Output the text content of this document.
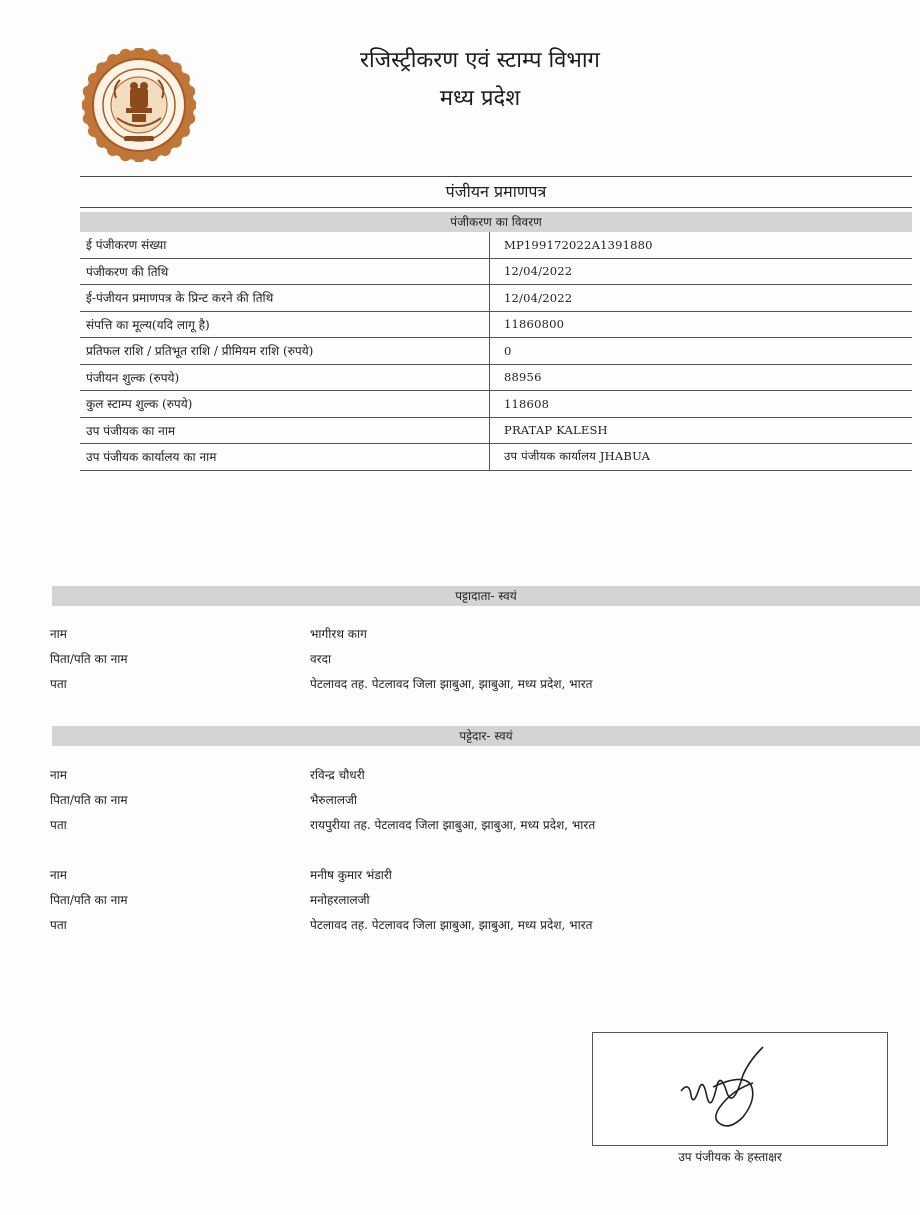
रजिस्ट्रीकरण एवं स्टाम्प विभाग
मध्य प्रदेश
पंजीयन प्रमाणपत्र
पंजीकरण का विवरण
ई पंजीकरण संख्या	MP199172022A1391880
पंजीकरण की तिथि	12/04/2022
ई-पंजीयन प्रमाणपत्र के प्रिन्ट करने की तिथि	12/04/2022
संपत्ति का मूल्य(यदि लागू है)	11860800
प्रतिफल राशि / प्रतिभूत राशि / प्रीमियम राशि (रुपये)	0
पंजीयन शुल्क (रुपये)	88956
कुल स्टाम्प शुल्क (रुपये)	118608
उप पंजीयक का नाम	PRATAP KALESH
उप पंजीयक कार्यालय का नाम	उप पंजीयक कार्यालय JHABUA
पट्टादाता- स्वयं
नाम	भागीरथ काग
पिता/पति का नाम	वरदा
पता	पेटलावद तह. पेटलावद जिला झाबुआ, झाबुआ, मध्य प्रदेश, भारत
पट्टेदार- स्वयं
नाम	रविन्द्र चौधरी
पिता/पति का नाम	भैरुलालजी
पता	रायपुरीया तह. पेटलावद जिला झाबुआ, झाबुआ, मध्य प्रदेश, भारत
नाम	मनीष कुमार भंडारी
पिता/पति का नाम	मनोहरलालजी
पता	पेटलावद तह. पेटलावद जिला झाबुआ, झाबुआ, मध्य प्रदेश, भारत
उप पंजीयक के हस्ताक्षर
